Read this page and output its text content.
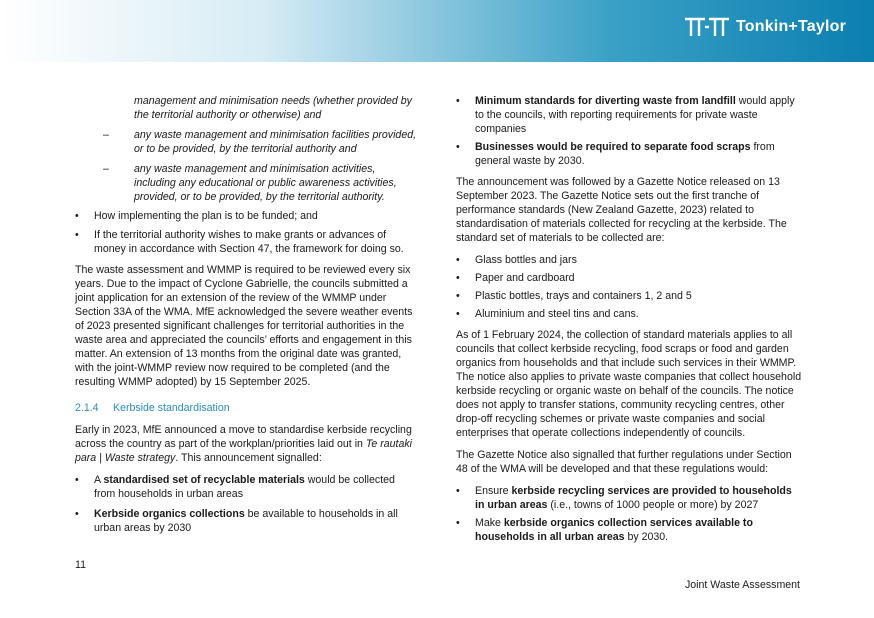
Tonkin+Taylor
management and minimisation needs (whether provided by the territorial authority or otherwise) and
– any waste management and minimisation facilities provided, or to be provided, by the territorial authority and
– any waste management and minimisation activities, including any educational or public awareness activities, provided, or to be provided, by the territorial authority.
• How implementing the plan is to be funded; and
• If the territorial authority wishes to make grants or advances of money in accordance with Section 47, the framework for doing so.

The waste assessment and WMMP is required to be reviewed every six years. Due to the impact of Cyclone Gabrielle, the councils submitted a joint application for an extension of the review of the WMMP under Section 33A of the WMA. MfE acknowledged the severe weather events of 2023 presented significant challenges for territorial authorities in the waste area and appreciated the councils’ efforts and engagement in this matter. An extension of 13 months from the original date was granted, with the joint-WMMP review now required to be completed (and the resulting WMMP adopted) by 15 September 2025.

2.1.4 Kerbside standardisation

Early in 2023, MfE announced a move to standardise kerbside recycling across the country as part of the workplan/priorities laid out in Te rautaki para | Waste strategy. This announcement signalled:

• A standardised set of recyclable materials would be collected from households in urban areas
• Kerbside organics collections be available to households in all urban areas by 2030
• Minimum standards for diverting waste from landfill would apply to the councils, with reporting requirements for private waste companies
• Businesses would be required to separate food scraps from general waste by 2030.

The announcement was followed by a Gazette Notice released on 13 September 2023. The Gazette Notice sets out the first tranche of performance standards (New Zealand Gazette, 2023) related to standardisation of materials collected for recycling at the kerbside. The standard set of materials to be collected are:

• Glass bottles and jars
• Paper and cardboard
• Plastic bottles, trays and containers 1, 2 and 5
• Aluminium and steel tins and cans.

As of 1 February 2024, the collection of standard materials applies to all councils that collect kerbside recycling, food scraps or food and garden organics from households and that include such services in their WMMP. The notice also applies to private waste companies that collect household kerbside recycling or organic waste on behalf of the councils. The notice does not apply to transfer stations, community recycling centres, other drop-off recycling schemes or private waste companies and social enterprises that operate collections independently of councils.

The Gazette Notice also signalled that further regulations under Section 48 of the WMA will be developed and that these regulations would:

• Ensure kerbside recycling services are provided to households in urban areas (i.e., towns of 1000 people or more) by 2027
• Make kerbside organics collection services available to households in all urban areas by 2030.
11
Joint Waste Assessment
